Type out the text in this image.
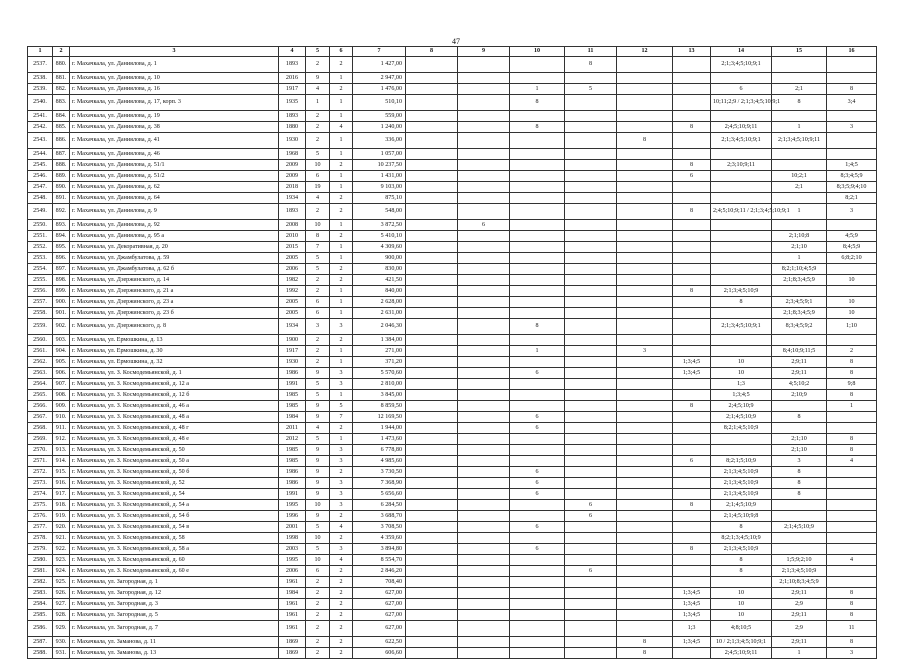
47
1	2	3	4	5	6	7	8	9	10	11	12	13	14	15	16
2537.	880.	г. Махачкала, ул. Даниялова, д. 1	1893	2	2	1 427,00				8			2;1;3;4;5;10;9;1		
2538.	881.	г. Махачкала, ул. Даниялова, д. 10	2016	9	1	2 947,00									
2539.	882.	г. Махачкала, ул. Даниялова, д. 16	1917	4	2	1 476,00			1	5			6	2;1	8
2540.	883.	г. Махачкала, ул. Даниялова, д. 17, корп. 3	1935	1	1	510,10			8				10;11;2;9 / 2;1;3;4;5;10;9;1	8	3;4
2541.	884.	г. Махачкала, ул. Даниялова, д. 19	1893	2	1	559,00									
2542.	885.	г. Махачкала, ул. Даниялова, д. 38	1880	2	4	1 240,00			8			8	2;4;5;10;9;11	1	3
2543.	886.	г. Махачкала, ул. Даниялова, д. 41	1930	2	1	336,00					8		2;1;3;4;5;10;9;1	2;1;3;4;5;10;9;11	
2544.	887.	г. Махачкала, ул. Даниялова, д. 46	1968	5	1	1 057,00									
2545.	888.	г. Махачкала, ул. Даниялова, д. 51/1	2009	10	2	10 237,50						8	2;3;10;9;11		1;4;5
2546.	889.	г. Махачкала, ул. Даниялова, д. 51/2	2009	6	1	1 431,00						6		10;2;1	8;3;4;5;9
2547.	890.	г. Махачкала, ул. Даниялова, д. 62	2018	19	1	9 103,00								2;1	8;3;5;9;4;10
2548.	891.	г. Махачкала, ул. Даниялова, д. 64	1934	4	2	875,10									8;2;1
2549.	892.	г. Махачкала, ул. Даниялова, д. 9	1893	2	2	548,00						8	2;4;5;10;9;11 / 2;1;3;4;5;10;9;1	1	3
2550.	893.	г. Махачкала, ул. Даниялова, д. 92	2008	10	1	3 872,50		6							
2551.	894.	г. Махачкала, ул. Даниялова, д. 95 а	2010	8	2	5 410,10								2;1;10;8	4;5;9
2552.	895.	г. Махачкала, ул. Декоративная, д. 20	2015	7	1	4 309,60								2;1;10	8;4;5;9
2553.	896.	г. Махачкала, ул. Джамбулатова, д. 59	2005	5	1	900,00								1	6;8;2;10
2554.	897.	г. Махачкала, ул. Джамбулатова, д. 62 б	2006	5	2	830,00								8;2;1;10;4;5;9	
2555.	898.	г. Махачкала, ул. Дзержинского, д. 14	1982	2	2	421,50								2;1;8;3;4;5;9	10
2556.	899.	г. Махачкала, ул. Дзержинского, д. 21 а	1992	2	1	840,00						8	2;1;3;4;5;10;9		
2557.	900.	г. Махачкала, ул. Дзержинского, д. 23 а	2005	6	1	2 628,00							8	2;3;4;5;9;1	10
2558.	901.	г. Махачкала, ул. Дзержинского, д. 23 б	2005	6	1	2 631,00								2;1;8;3;4;5;9	10
2559.	902.	г. Махачкала, ул. Дзержинского, д. 8	1934	3	3	2 046,30			8				2;1;3;4;5;10;9;1	8;3;4;5;9;2	1;10
2560.	903.	г. Махачкала, ул. Ермошкина, д. 13	1900	2	2	1 384,00									
2561.	904.	г. Махачкала, ул. Ермошкина, д. 30	1917	2	1	271,00			1		3			8;4;10;9;11;5	2
2562.	905.	г. Махачкала, ул. Ермошкина, д. 32	1930	2	1	371,20						1;3;4;5	10	2;9;11	8
2563.	906.	г. Махачкала, ул. З. Космодемьянской, д. 1	1986	9	3	5 570,60			6			1;3;4;5	10	2;9;11	8
2564.	907.	г. Махачкала, ул. З. Космодемьянской, д. 12 а	1991	5	3	2 810,00							1;3	4;5;10;2	9;8
2565.	908.	г. Махачкала, ул. З. Космодемьянской, д. 12 б	1985	5	1	3 845,00							1;3;4;5	2;10;9	8
2566.	909.	г. Махачкала, ул. З. Космодемьянской, д. 46 а	1985	9	5	8 859,50						8	2;4;5;10;9		1
2567.	910.	г. Махачкала, ул. З. Космодемьянской, д. 48 а	1984	9	7	12 169,50			6				2;1;4;5;10;9	8	
2568.	911.	г. Махачкала, ул. З. Космодемьянской, д. 48 г	2011	4	2	1 944,00			6				8;2;1;4;5;10;9		
2569.	912.	г. Махачкала, ул. З. Космодемьянской, д. 48 е	2012	5	1	1 473,60								2;1;10	8
2570.	913.	г. Махачкала, ул. З. Космодемьянской, д. 50	1985	9	3	6 778,80								2;1;10	8
2571.	914.	г. Махачкала, ул. З. Космодемьянской, д. 50 а	1985	9	3	4 985,60						6	8;2;1;5;10;9	3	4
2572.	915.	г. Махачкала, ул. З. Космодемьянской, д. 50 б	1986	9	2	3 730,50			6				2;1;3;4;5;10;9	8	
2573.	916.	г. Махачкала, ул. З. Космодемьянской, д. 52	1986	9	3	7 368,90			6				2;1;3;4;5;10;9	8	
2574.	917.	г. Махачкала, ул. З. Космодемьянской, д. 54	1991	9	3	5 656,60			6				2;1;3;4;5;10;9	8	
2575.	918.	г. Махачкала, ул. З. Космодемьянской, д. 54 а	1995	10	3	6 284,50				6		8	2;1;4;5;10;9		
2576.	919.	г. Махачкала, ул. З. Космодемьянской, д. 54 б	1996	9	2	3 688,70				6			2;1;4;5;10;9;8		
2577.	920.	г. Махачкала, ул. З. Космодемьянской, д. 54 в	2001	5	4	3 708,50			6				8	2;1;4;5;10;9	
2578.	921.	г. Махачкала, ул. З. Космодемьянской, д. 58	1998	10	2	4 359,60							8;2;1;3;4;5;10;9		
2579.	922.	г. Махачкала, ул. З. Космодемьянской, д. 58 а	2003	5	3	3 894,80			6			8	2;1;3;4;5;10;9		
2580.	923.	г. Махачкала, ул. З. Космодемьянской, д. 60	1995	10	4	8 554,70							8	1;5;9;2;10	4
2581.	924.	г. Махачкала, ул. З. Космодемьянской, д. 60 е	2006	6	2	2 846,20				6			8	2;1;3;4;5;10;9	
2582.	925.	г. Махачкала, ул. Загородная, д. 1	1961	2	2	708,40								2;1;10;8;3;4;5;9	
2583.	926.	г. Махачкала, ул. Загородная, д. 12	1984	2	2	627,00						1;3;4;5	10	2;9;11	8
2584.	927.	г. Махачкала, ул. Загородная, д. 3	1961	2	2	627,00						1;3;4;5	10	2;9	8
2585.	928.	г. Махачкала, ул. Загородная, д. 5	1961	2	2	627,00						1;3;4;5	10	2;9;11	8
2586.	929.	г. Махачкала, ул. Загородная, д. 7	1961	2	2	627,00						1;3	4;8;10;5	2;9	11
2587.	930.	г. Махачкала, ул. Заманова, д. 11	1869	2	2	622,50					8	1;3;4;5	10 / 2;1;3;4;5;10;9;1	2;9;11	8
2588.	931.	г. Махачкала, ул. Заманова, д. 13	1869	2	2	606,60					8		2;4;5;10;9;11	1	3
